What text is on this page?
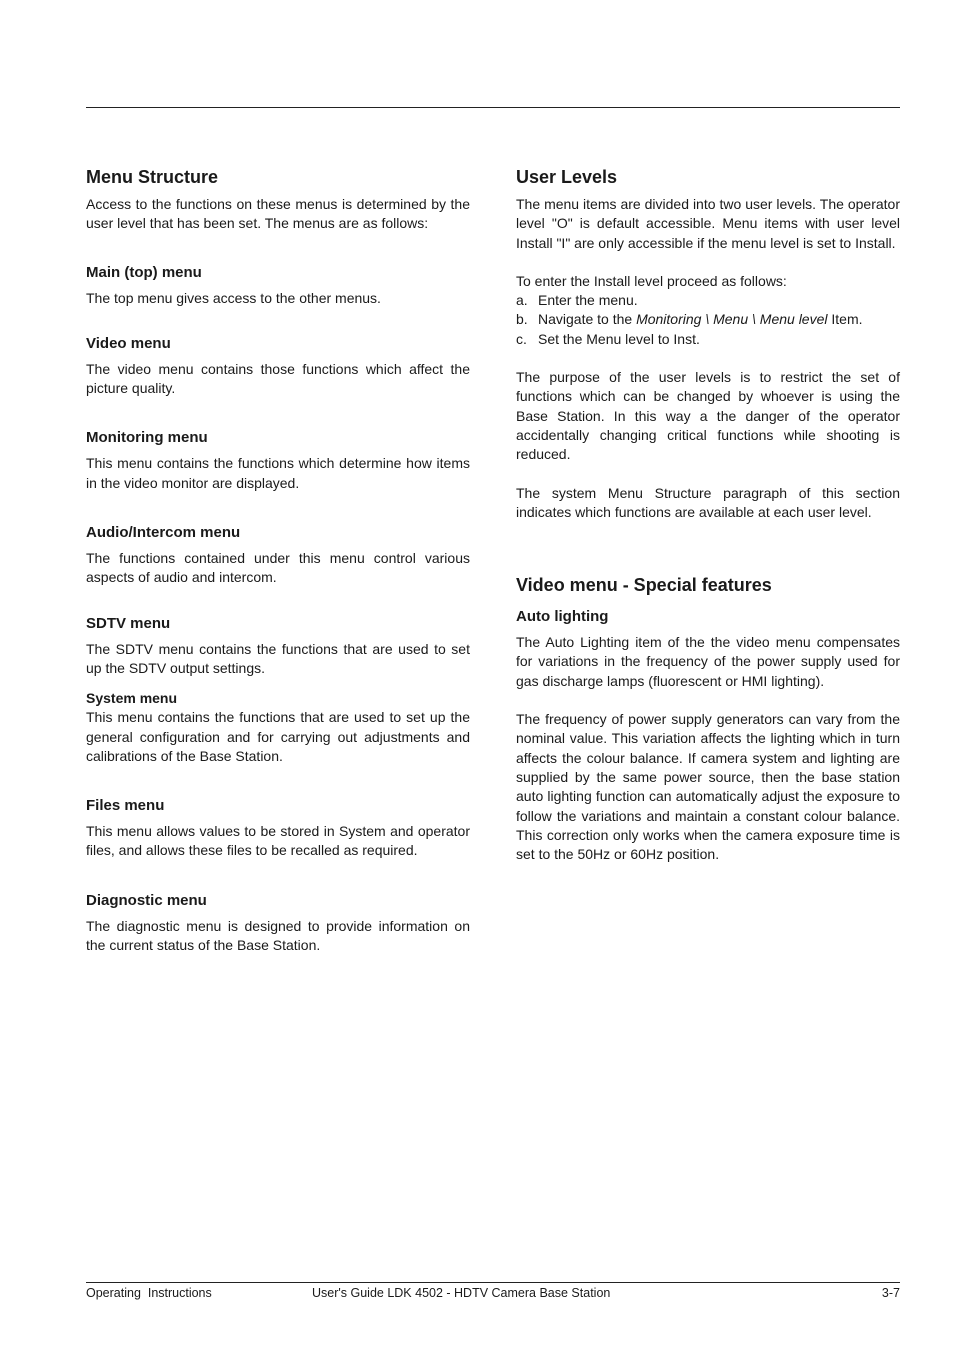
Menu Structure

Access to the functions on these menus is determined by the user level that has been set. The menus are as follows:

Main (top) menu

The top menu gives access to the other menus.

Video menu

The video menu contains those functions which affect the picture quality.

Monitoring menu

This menu contains the functions which determine how items in the video monitor are displayed.

Audio/Intercom menu

The functions contained under this menu control various aspects of audio and intercom.

SDTV menu

The SDTV menu contains the functions that are used to set up the SDTV output settings.

System menu

This menu contains the functions that are used to set up the general configuration and for carrying out adjustments and calibrations of the Base Station.

Files menu

This menu allows values to be stored in System and operator files, and allows these files to be recalled as required.

Diagnostic menu

The diagnostic menu is designed to provide information on the current status of the Base Station.

User Levels

The menu items are divided into two user levels. The operator level "O" is default accessible. Menu items with user level Install "I" are only accessible if the menu level is set to Install.

To enter the Install level proceed as follows:

a. Enter the menu.
b. Navigate to the Monitoring \ Menu \ Menu level Item.
c. Set the Menu level to Inst.

The purpose of the user levels is to restrict the set of functions which can be changed by whoever is using the Base Station. In this way a the danger of the operator accidentally changing critical functions while shooting is reduced.

The system Menu Structure paragraph of this section indicates which functions are available at each user level.

Video menu - Special features
Auto lighting

The Auto Lighting item of the the video menu compensates for variations in the frequency of the power supply used for gas discharge lamps (fluorescent or HMI lighting).

The frequency of power supply generators can vary from the nominal value. This variation affects the lighting which in turn affects the colour balance. If camera system and lighting are supplied by the same power source, then the base station auto lighting function can automatically adjust the exposure to follow the variations and maintain a constant colour balance. This correction only works when the camera exposure time is set to the 50Hz or 60Hz position.

Operating  Instructions	User's Guide LDK 4502 - HDTV Camera Base Station	3-7
